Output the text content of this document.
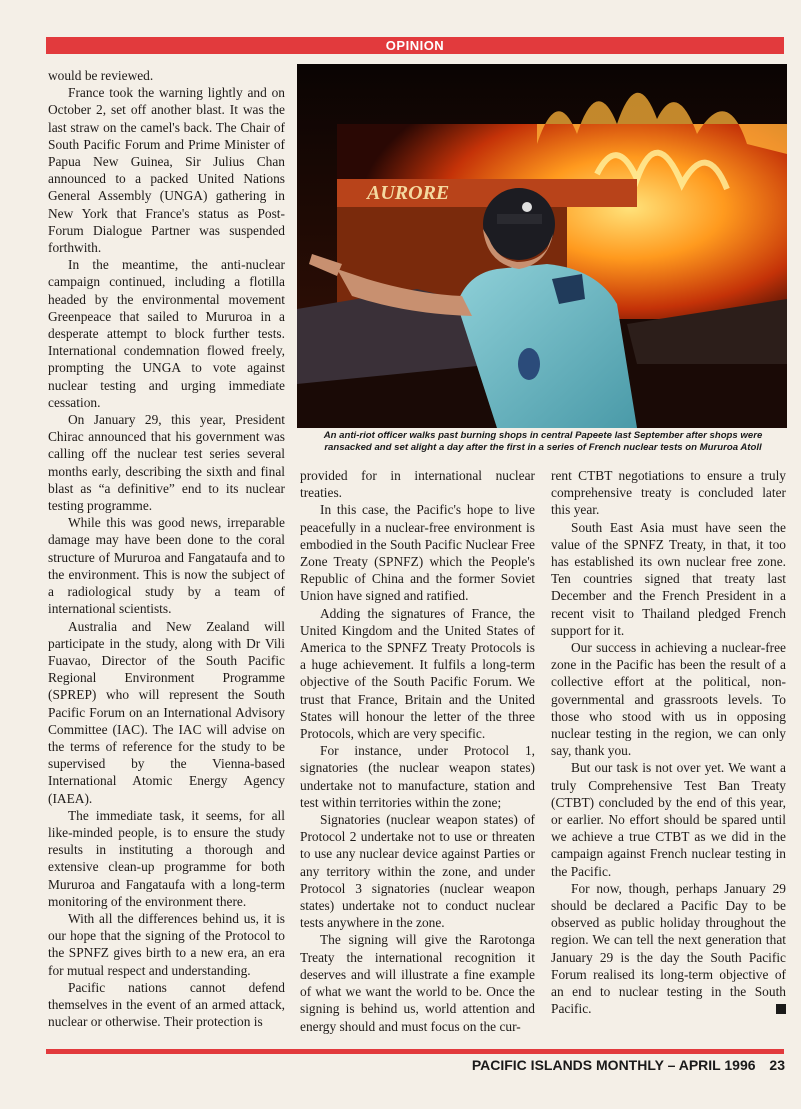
OPINION

would be reviewed.

France took the warning lightly and on October 2, set off another blast. It was the last straw on the camel's back. The Chair of South Pacific Forum and Prime Minister of Papua New Guinea, Sir Julius Chan announced to a packed United Nations General Assembly (UNGA) gathering in New York that France's status as Post-Forum Dialogue Partner was suspended forthwith.

In the meantime, the anti-nuclear campaign continued, including a flotilla headed by the environmental movement Greenpeace that sailed to Mururoa in a desperate attempt to block further tests. International condemnation flowed freely, prompting the UNGA to vote against nuclear testing and urging immediate cessation.

On January 29, this year, President Chirac announced that his government was calling off the nuclear test series several months early, describing the sixth and final blast as “a definitive” end to its nuclear testing programme.

While this was good news, irreparable damage may have been done to the coral structure of Mururoa and Fangataufa and to the environment. This is now the subject of a radiological study by a team of international scientists.

Australia and New Zealand will participate in the study, along with Dr Vili Fuavao, Director of the South Pacific Regional Environment Programme (SPREP) who will represent the South Pacific Forum on an International Advisory Committee (IAC). The IAC will advise on the terms of reference for the study to be supervised by the Vienna-based International Atomic Energy Agency (IAEA).

The immediate task, it seems, for all like-minded people, is to ensure the study results in instituting a thorough and extensive clean-up programme for both Mururoa and Fangataufa with a long-term monitoring of the environment there.

With all the differences behind us, it is our hope that the signing of the Protocol to the SPNFZ gives birth to a new era, an era for mutual respect and understanding.

Pacific nations cannot defend themselves in the event of an armed attack, nuclear or otherwise. Their protection is

AURORE
An anti-riot officer walks past burning shops in central Papeete last September after shops were ransacked and set alight a day after the first in a series of French nuclear tests on Mururoa Atoll

provided for in international nuclear treaties.

In this case, the Pacific's hope to live peacefully in a nuclear-free environment is embodied in the South Pacific Nuclear Free Zone Treaty (SPNFZ) which the People's Republic of China and the former Soviet Union have signed and ratified.

Adding the signatures of France, the United Kingdom and the United States of America to the SPNFZ Treaty Protocols is a huge achievement. It fulfils a long-term objective of the South Pacific Forum. We trust that France, Britain and the United States will honour the letter of the three Protocols, which are very specific.

For instance, under Protocol 1, signatories (the nuclear weapon states) undertake not to manufacture, station and test within territories within the zone;

Signatories (nuclear weapon states) of Protocol 2 undertake not to use or threaten to use any nuclear device against Parties or any territory within the zone, and under Protocol 3 signatories (nuclear weapon states) undertake not to conduct nuclear tests anywhere in the zone.

The signing will give the Rarotonga Treaty the international recognition it deserves and will illustrate a fine example of what we want the world to be. Once the signing is behind us, world attention and energy should and must focus on the cur-

rent CTBT negotiations to ensure a truly comprehensive treaty is concluded later this year.

South East Asia must have seen the value of the SPNFZ Treaty, in that, it too has established its own nuclear free zone. Ten countries signed that treaty last December and the French President in a recent visit to Thailand pledged French support for it.

Our success in achieving a nuclear-free zone in the Pacific has been the result of a collective effort at the political, non-governmental and grassroots levels. To those who stood with us in opposing nuclear testing in the region, we can only say, thank you.

But our task is not over yet. We want a truly Comprehensive Test Ban Treaty (CTBT) concluded by the end of this year, or earlier. No effort should be spared until we achieve a true CTBT as we did in the campaign against French nuclear testing in the Pacific.

For now, though, perhaps January 29 should be declared a Pacific Day to be observed as public holiday throughout the region. We can tell the next generation that January 29 is the day the South Pacific Forum realised its long-term objective of an end to nuclear testing in the South Pacific.

PACIFIC ISLANDS MONTHLY – APRIL 1996 23
